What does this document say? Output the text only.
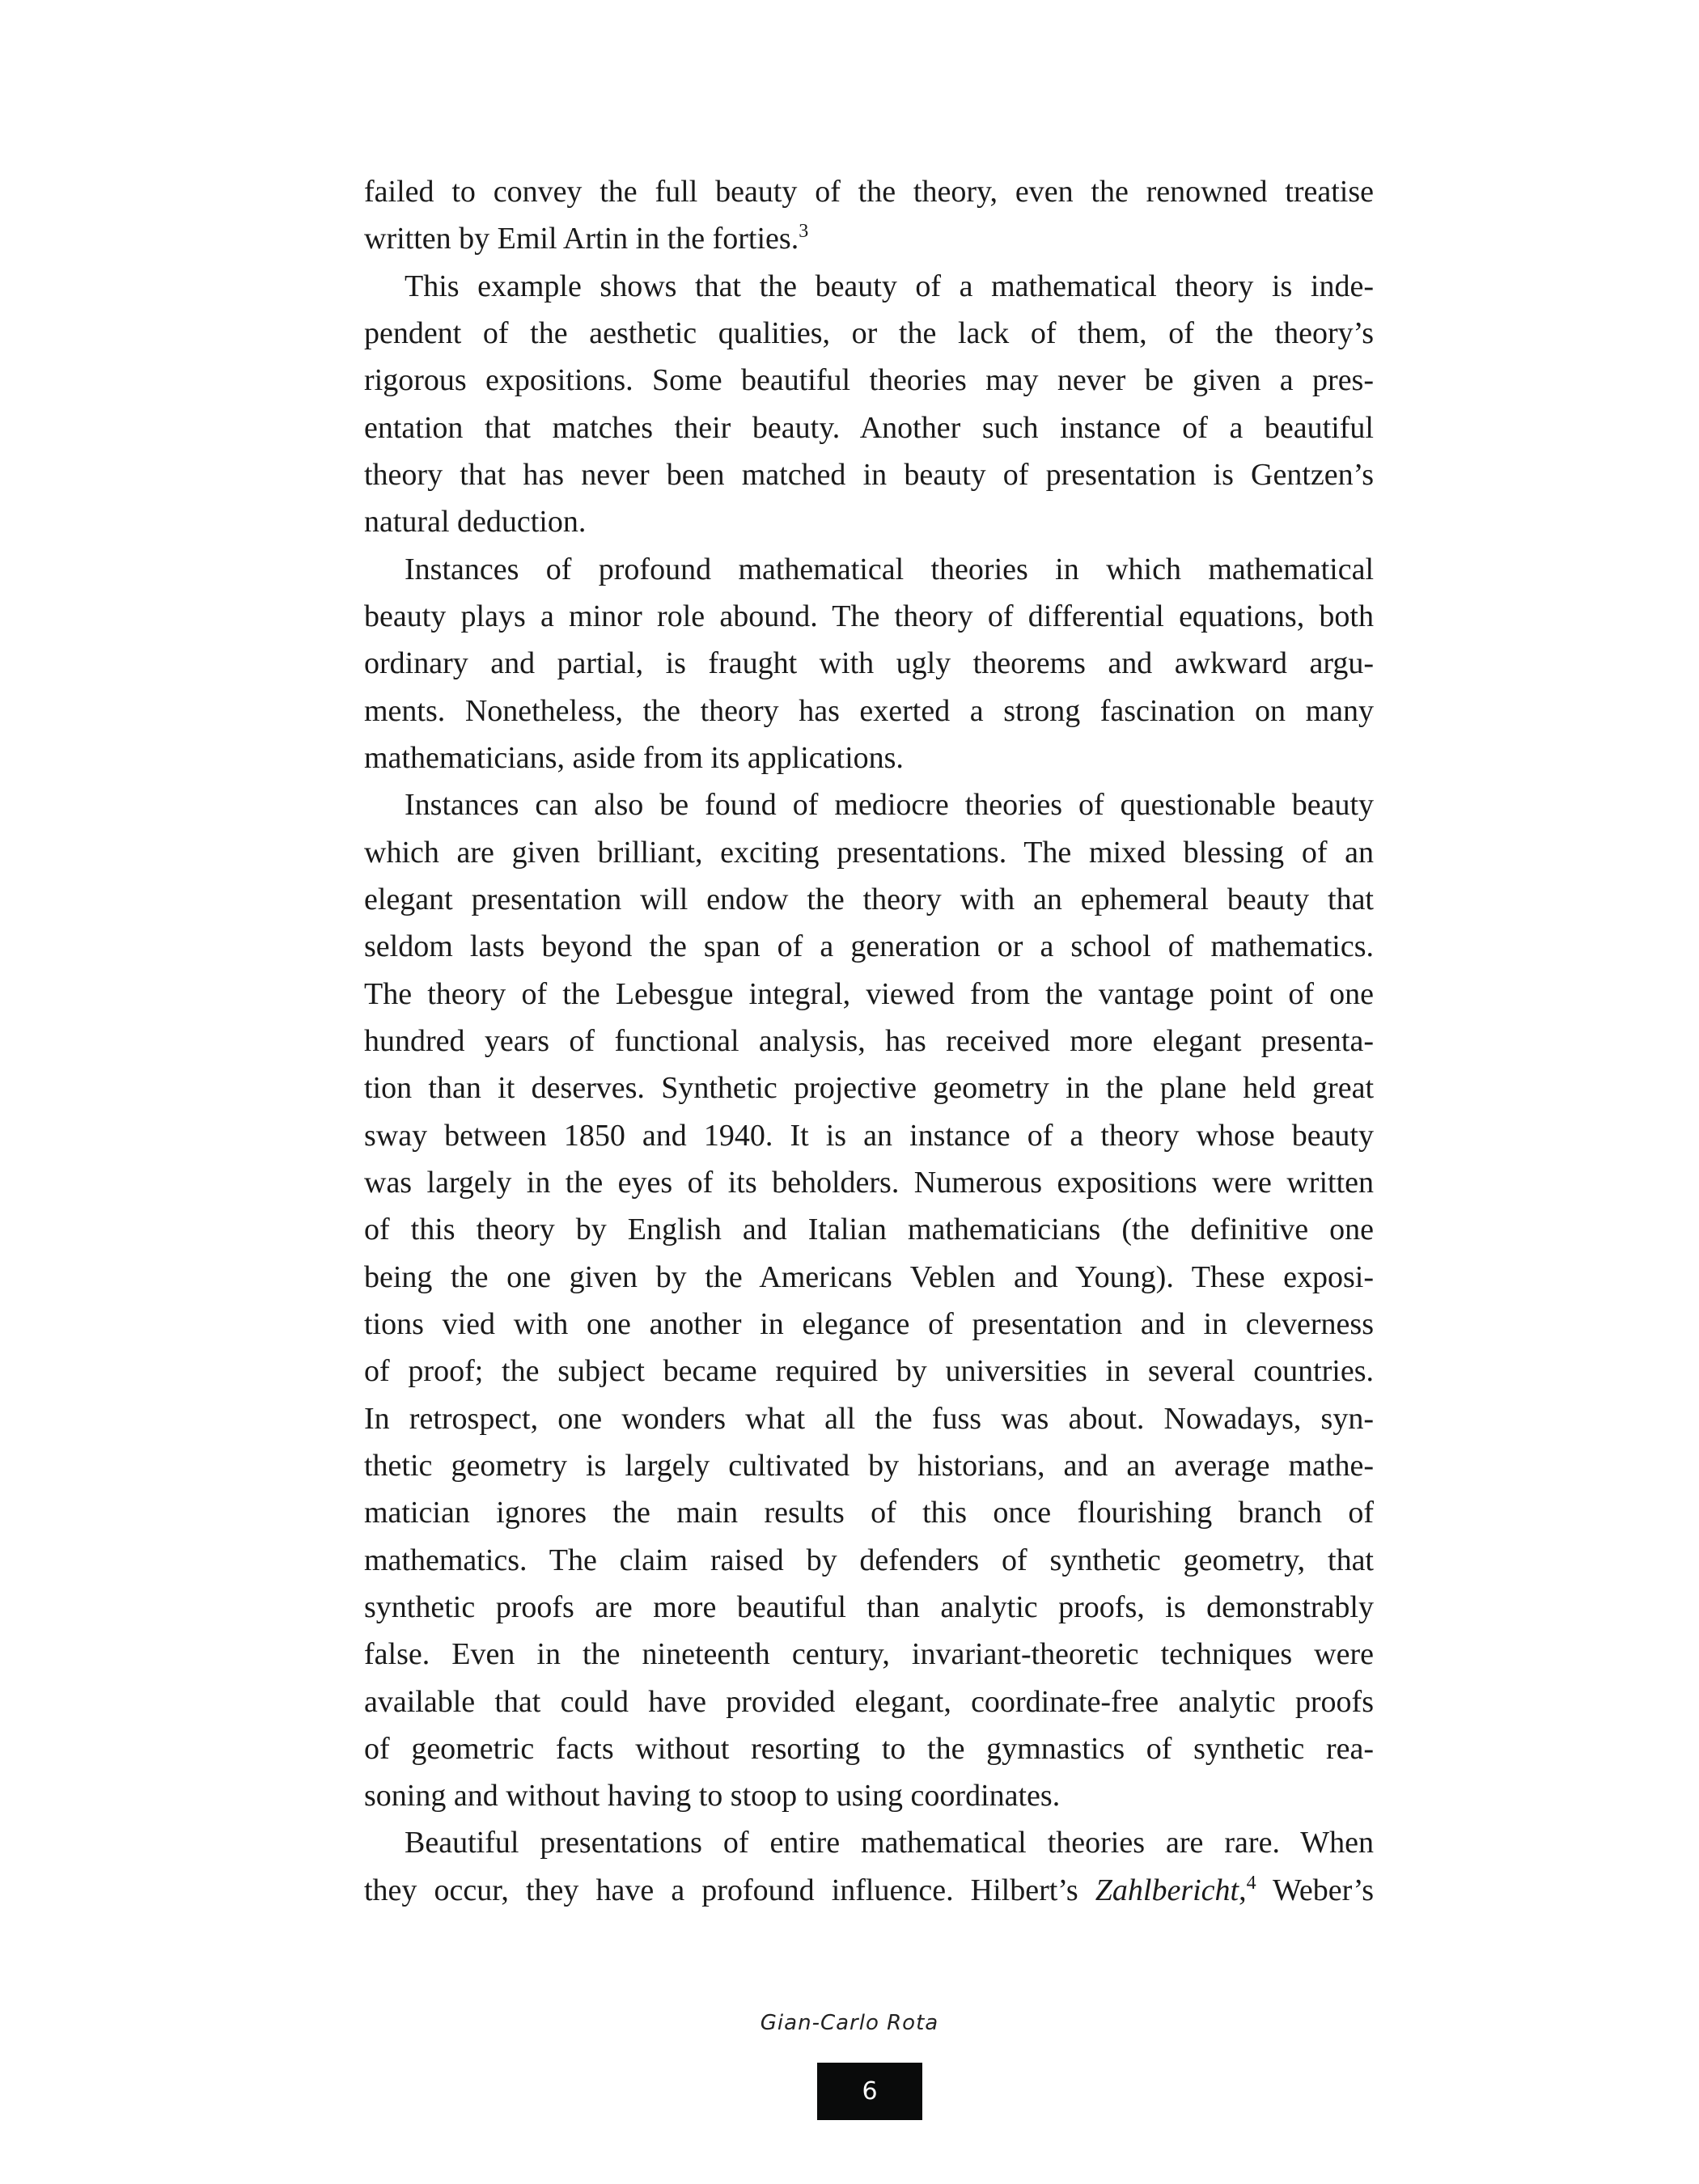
failed to convey the full beauty of the theory, even the renowned treatise
written by Emil Artin in the forties.$^3$
This example shows that the beauty of a mathematical theory is inde-
pendent of the aesthetic qualities, or the lack of them, of the theory’s
rigorous expositions. Some beautiful theories may never be given a pres-
entation that matches their beauty. Another such instance of a beautiful
theory that has never been matched in beauty of presentation is Gentzen’s
natural deduction.
Instances of profound mathematical theories in which mathematical
beauty plays a minor role abound. The theory of differential equations, both
ordinary and partial, is fraught with ugly theorems and awkward argu-
ments. Nonetheless, the theory has exerted a strong fascination on many
mathematicians, aside from its applications.
Instances can also be found of mediocre theories of questionable beauty
which are given brilliant, exciting presentations. The mixed blessing of an
elegant presentation will endow the theory with an ephemeral beauty that
seldom lasts beyond the span of a generation or a school of mathematics.
The theory of the Lebesgue integral, viewed from the vantage point of one
hundred years of functional analysis, has received more elegant presenta-
tion than it deserves. Synthetic projective geometry in the plane held great
sway between 1850 and 1940. It is an instance of a theory whose beauty
was largely in the eyes of its beholders. Numerous expositions were written
of this theory by English and Italian mathematicians (the definitive one
being the one given by the Americans Veblen and Young). These exposi-
tions vied with one another in elegance of presentation and in cleverness
of proof; the subject became required by universities in several countries.
In retrospect, one wonders what all the fuss was about. Nowadays, syn-
thetic geometry is largely cultivated by historians, and an average mathe-
matician ignores the main results of this once flourishing branch of
mathematics. The claim raised by defenders of synthetic geometry, that
synthetic proofs are more beautiful than analytic proofs, is demonstrably
false. Even in the nineteenth century, invariant-theoretic techniques were
available that could have provided elegant, coordinate-free analytic proofs
of geometric facts without resorting to the gymnastics of synthetic rea-
soning and without having to stoop to using coordinates.
Beautiful presentations of entire mathematical theories are rare. When
they occur, they have a profound influence. Hilbert’s Zahlbericht,$^4$ Weber’s
Gian-Carlo Rota
6
